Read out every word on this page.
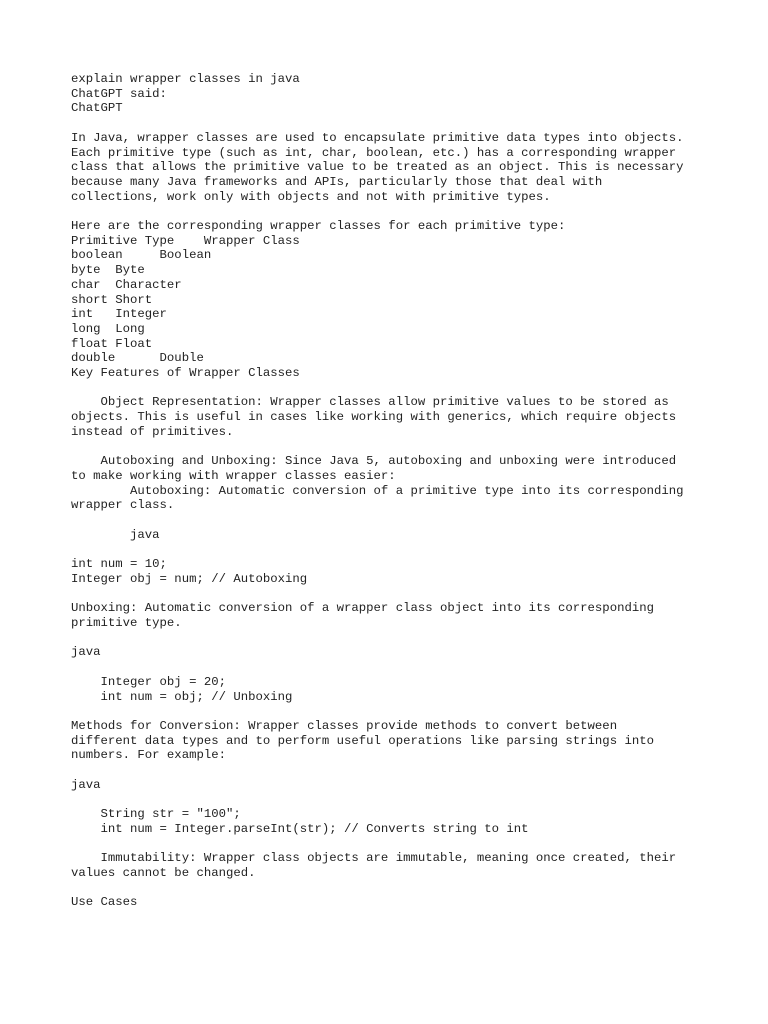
explain wrapper classes in java
ChatGPT said:
ChatGPT

In Java, wrapper classes are used to encapsulate primitive data types into objects.
Each primitive type (such as int, char, boolean, etc.) has a corresponding wrapper
class that allows the primitive value to be treated as an object. This is necessary
because many Java frameworks and APIs, particularly those that deal with
collections, work only with objects and not with primitive types.

Here are the corresponding wrapper classes for each primitive type:
Primitive Type    Wrapper Class
boolean     Boolean
byte  Byte
char  Character
short Short
int   Integer
long  Long
float Float
double      Double
Key Features of Wrapper Classes

Object Representation: Wrapper classes allow primitive values to be stored as
objects. This is useful in cases like working with generics, which require objects
instead of primitives.

Autoboxing and Unboxing: Since Java 5, autoboxing and unboxing were introduced
to make working with wrapper classes easier:
Autoboxing: Automatic conversion of a primitive type into its corresponding
wrapper class.

java

int num = 10;
Integer obj = num; // Autoboxing

Unboxing: Automatic conversion of a wrapper class object into its corresponding
primitive type.

java

Integer obj = 20;
int num = obj; // Unboxing

Methods for Conversion: Wrapper classes provide methods to convert between
different data types and to perform useful operations like parsing strings into
numbers. For example:

java

String str = "100";
int num = Integer.parseInt(str); // Converts string to int

Immutability: Wrapper class objects are immutable, meaning once created, their
values cannot be changed.

Use Cases
